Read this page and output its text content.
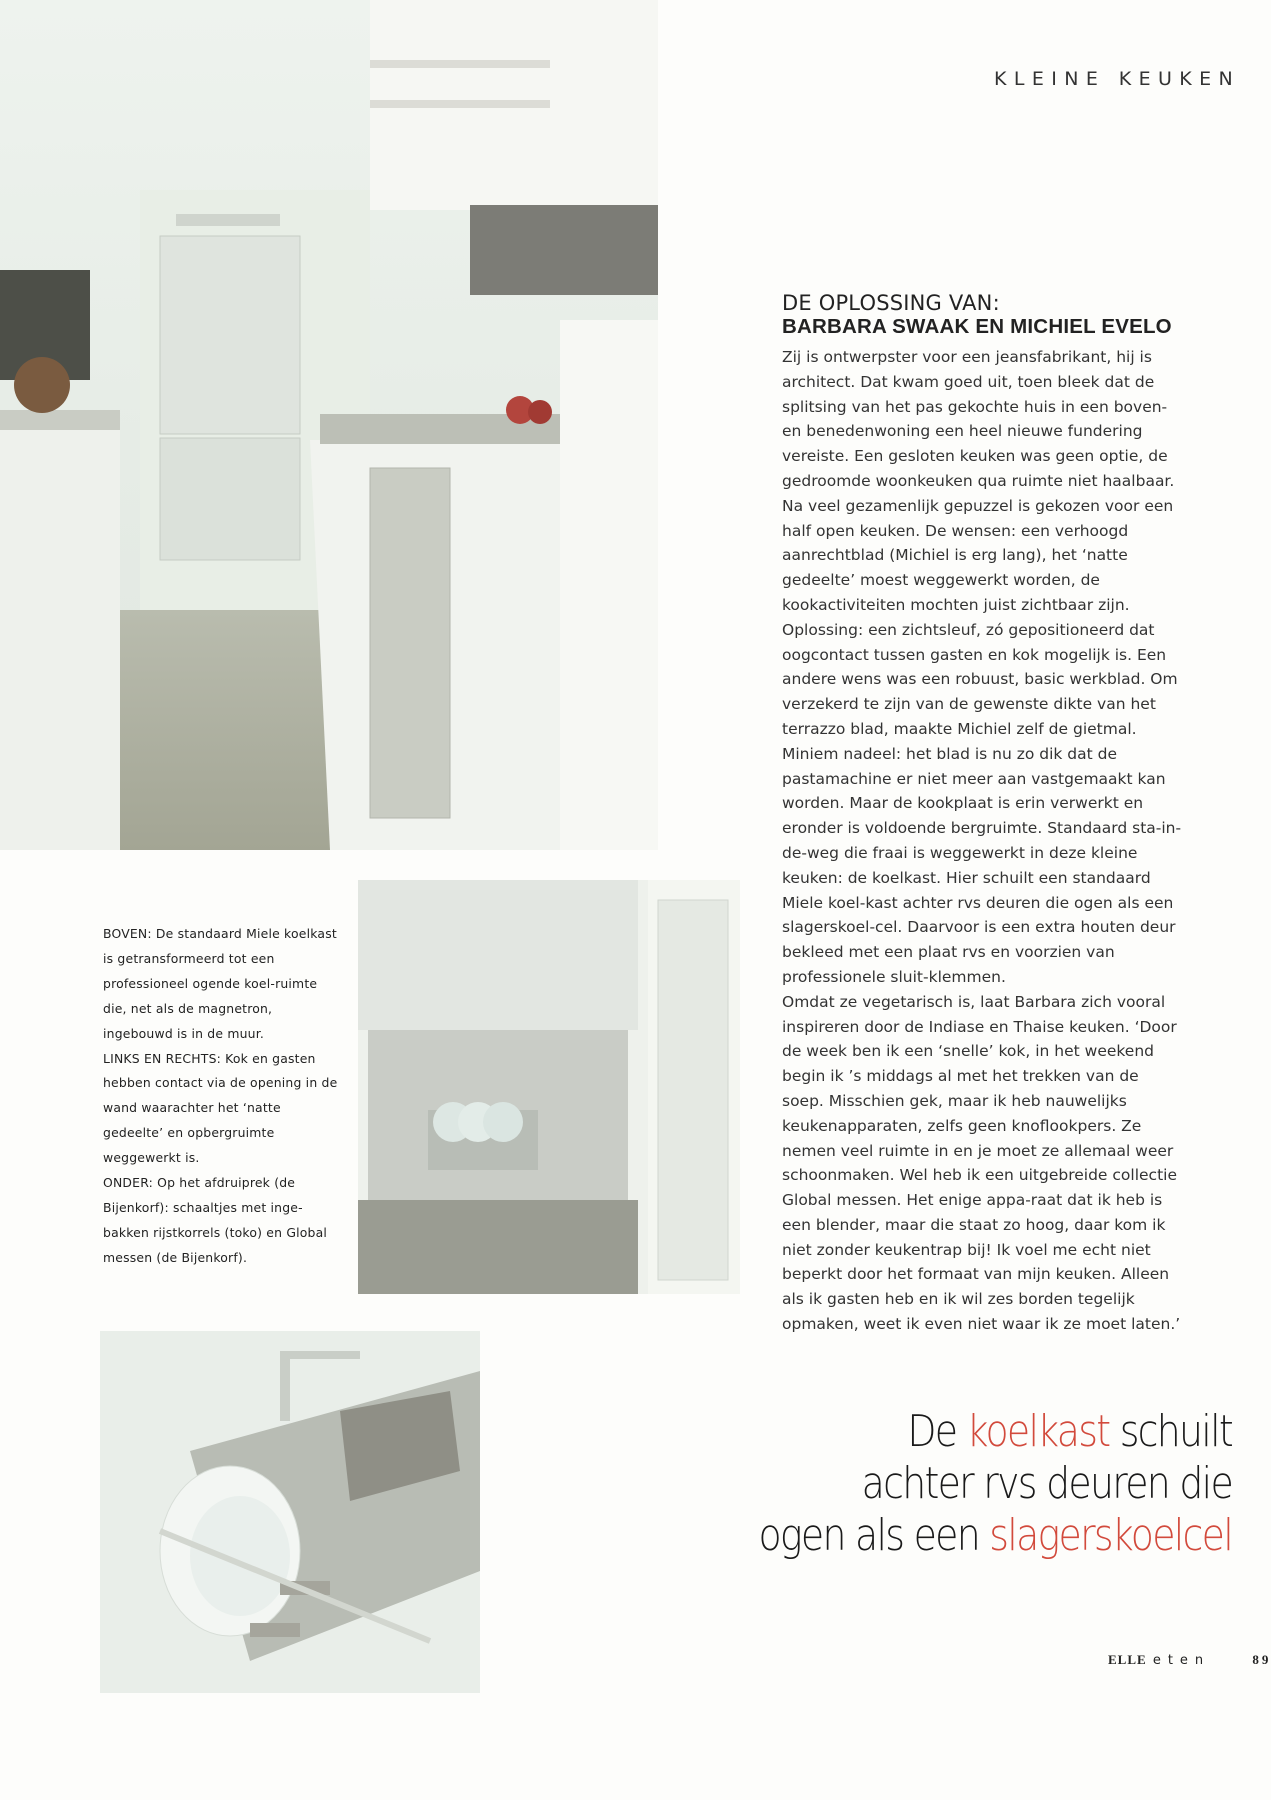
KLEINE KEUKEN

BOVEN: De standaard Miele koelkast is getransformeerd tot een professioneel ogende koel-ruimte die, net als de magnetron, ingebouwd is in de muur.

LINKS EN RECHTS: Kok en gasten hebben contact via de opening in de wand waarachter het ‘natte gedeelte’ en opbergruimte weggewerkt is.

ONDER: Op het afdruiprek (de Bijenkorf): schaaltjes met inge-bakken rijstkorrels (toko) en Global messen (de Bijenkorf).

DE OPLOSSING VAN:
BARBARA SWAAK EN MICHIEL EVELO

Zij is ontwerpster voor een jeansfabrikant, hij is architect. Dat kwam goed uit, toen bleek dat de splitsing van het pas gekochte huis in een boven- en benedenwoning een heel nieuwe fundering vereiste. Een gesloten keuken was geen optie, de gedroomde woonkeuken qua ruimte niet haalbaar. Na veel gezamenlijk gepuzzel is gekozen voor een half open keuken. De wensen: een verhoogd aanrechtblad (Michiel is erg lang), het ‘natte gedeelte’ moest weggewerkt worden, de kookactiviteiten mochten juist zichtbaar zijn. Oplossing: een zichtsleuf, zó gepositioneerd dat oogcontact tussen gasten en kok mogelijk is. Een andere wens was een robuust, basic werkblad. Om verzekerd te zijn van de gewenste dikte van het terrazzo blad, maakte Michiel zelf de gietmal. Miniem nadeel: het blad is nu zo dik dat de pastamachine er niet meer aan vastgemaakt kan worden. Maar de kookplaat is erin verwerkt en eronder is voldoende bergruimte. Standaard sta-in-de-weg die fraai is weggewerkt in deze kleine keuken: de koelkast. Hier schuilt een standaard Miele koel-kast achter rvs deuren die ogen als een slagerskoel-cel. Daarvoor is een extra houten deur bekleed met een plaat rvs en voorzien van professionele sluit-klemmen.

Omdat ze vegetarisch is, laat Barbara zich vooral inspireren door de Indiase en Thaise keuken. ‘Door de week ben ik een ‘snelle’ kok, in het weekend begin ik ’s middags al met het trekken van de soep. Misschien gek, maar ik heb nauwelijks keukenapparaten, zelfs geen knoflookpers. Ze nemen veel ruimte in en je moet ze allemaal weer schoonmaken. Wel heb ik een uitgebreide collectie Global messen. Het enige appa-raat dat ik heb is een blender, maar die staat zo hoog, daar kom ik niet zonder keukentrap bij! Ik voel me echt niet beperkt door het formaat van mijn keuken. Alleen als ik gasten heb en ik wil zes borden tegelijk opmaken, weet ik even niet waar ik ze moet laten.’

De koelkast schuilt
achter rvs deuren die
ogen als een slagerskoelcel
ELLE eten	89
